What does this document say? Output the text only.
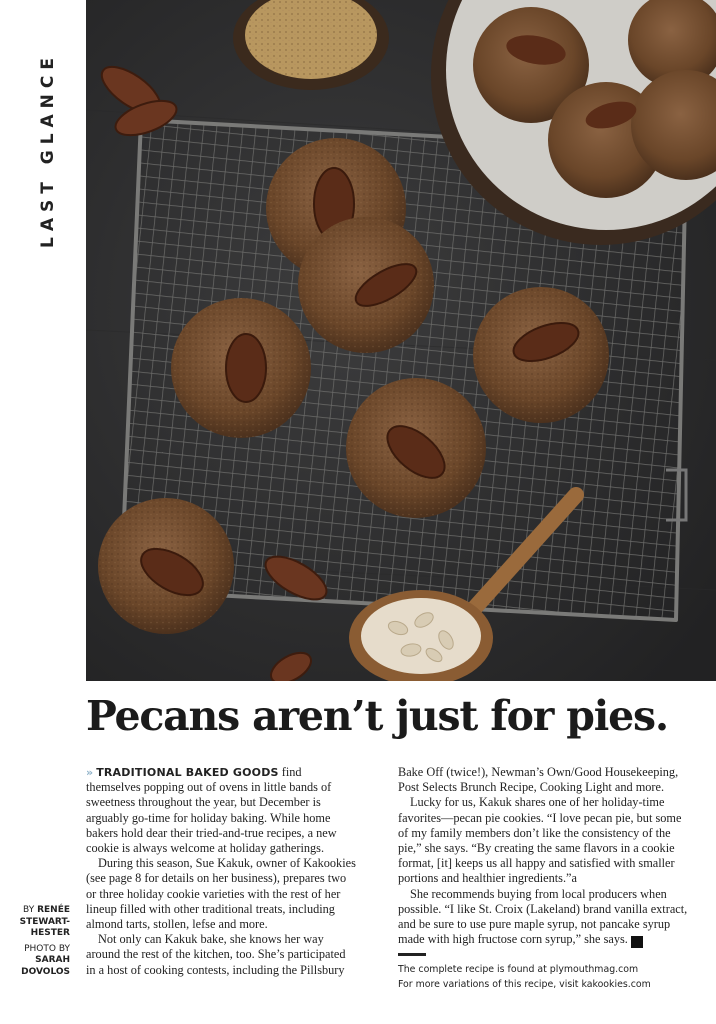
LAST GLANCE
Pecans aren’t just for pies.

BY RENÉE STEWART-HESTER

PHOTO BY SARAH DOVOLOS

» TRADITIONAL BAKED GOODS find themselves popping out of ovens in little bands of sweetness throughout the year, but December is arguably go-time for holiday baking. While home bakers hold dear their tried-and-true recipes, a new cookie is always welcome at holiday gatherings.

During this season, Sue Kakuk, owner of Kakookies (see page 8 for details on her business), prepares two or three holiday cookie varieties with the rest of her lineup filled with other traditional treats, including almond tarts, stollen, lefse and more.

Not only can Kakuk bake, she knows her way around the rest of the kitchen, too. She’s participated in a host of cooking contests, including the Pillsbury

Bake Off (twice!), Newman’s Own/Good Housekeeping, Post Selects Brunch Recipe, Cooking Light and more.

Lucky for us, Kakuk shares one of her holiday-time favorites—pecan pie cookies. “I love pecan pie, but some of my family members don’t like the consistency of the pie,” she says. “By creating the same flavors in a cookie format, [it] keeps us all happy and satisfied with smaller portions and healthier ingredients.”a

She recommends buying from local producers when possible. “I like St. Croix (Lakeland) brand vanilla extract, and be sure to use pure maple syrup, not pancake syrup made with high fructose corn syrup,” she says. P

The complete recipe is found at plymouthmag.com
For more variations of this recipe, visit kakookies.com
